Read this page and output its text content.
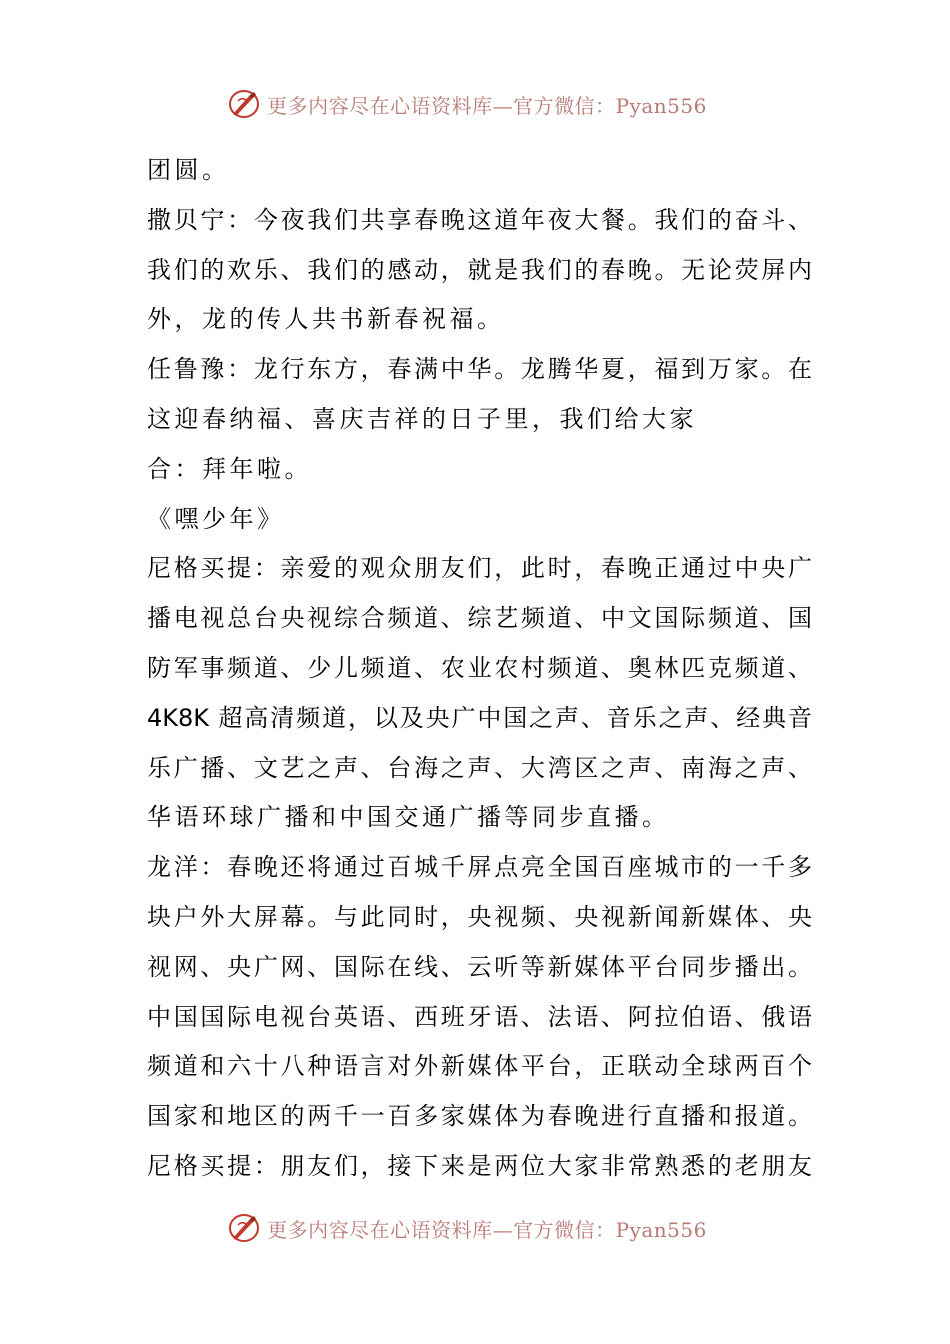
更多内容尽在心语资料库—官方微信：Pyan556
团圆。
撒贝宁：今夜我们共享春晚这道年夜大餐。我们的奋斗、
我们的欢乐、我们的感动，就是我们的春晚。无论荧屏内
外，龙的传人共书新春祝福。
任鲁豫：龙行东方，春满中华。龙腾华夏，福到万家。在
这迎春纳福、喜庆吉祥的日子里，我们给大家
合：拜年啦。
《嘿少年》
尼格买提：亲爱的观众朋友们，此时，春晚正通过中央广
播电视总台央视综合频道、综艺频道、中文国际频道、国
防军事频道、少儿频道、农业农村频道、奥林匹克频道、
4K8K 超高清频道，以及央广中国之声、音乐之声、经典音
乐广播、文艺之声、台海之声、大湾区之声、南海之声、
华语环球广播和中国交通广播等同步直播。
龙洋：春晚还将通过百城千屏点亮全国百座城市的一千多
块户外大屏幕。与此同时，央视频、央视新闻新媒体、央
视网、央广网、国际在线、云听等新媒体平台同步播出。
中国国际电视台英语、西班牙语、法语、阿拉伯语、俄语
频道和六十八种语言对外新媒体平台，正联动全球两百个
国家和地区的两千一百多家媒体为春晚进行直播和报道。
尼格买提：朋友们，接下来是两位大家非常熟悉的老朋友
更多内容尽在心语资料库—官方微信：Pyan556
